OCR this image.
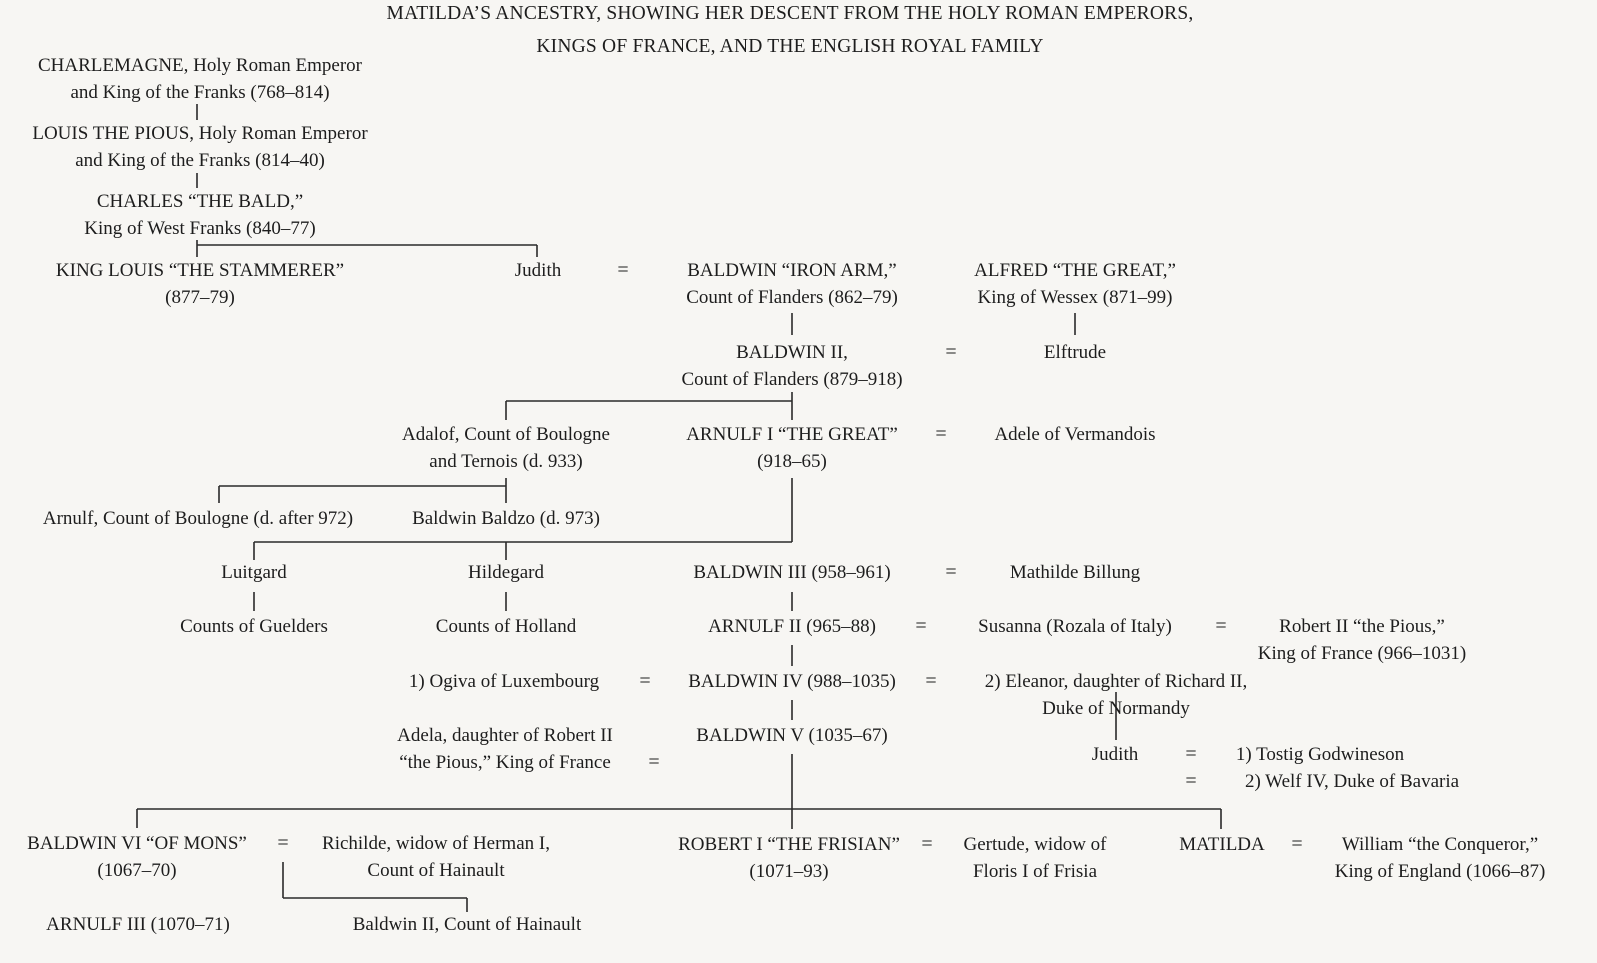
MATILDA’S ANCESTRY, SHOWING HER DESCENT FROM THE HOLY ROMAN EMPERORS,
KINGS OF FRANCE, AND THE ENGLISH ROYAL FAMILY
CHARLEMAGNE, Holy Roman Emperor
and King of the Franks (768–814)
LOUIS THE PIOUS, Holy Roman Emperor
and King of the Franks (814–40)
CHARLES “THE BALD,”
King of West Franks (840–77)
KING LOUIS “THE STAMMERER”
(877–79)
Judith	BALDWIN “IRON ARM,”
Count of Flanders (862–79)
ALFRED “THE GREAT,”
King of Wessex (871–99)
BALDWIN II,
Count of Flanders (879–918)
Elftrude
Adalof, Count of Boulogne
and Ternois (d. 933)
ARNULF I “THE GREAT”
(918–65)
Adele of Vermandois
Arnulf, Count of Boulogne (d. after 972)	Baldwin Baldzo (d. 973)
Luitgard	Hildegard	BALDWIN III (958–961)	Mathilde Billung
Counts of Guelders	Counts of Holland	ARNULF II (965–88)	Susanna (Rozala of Italy)	Robert II “the Pious,”
King of France (966–1031)
1) Ogiva of Luxembourg	BALDWIN IV (988–1035)	2) Eleanor, daughter of Richard II,
Duke of Normandy
Adela, daughter of Robert II
“the Pious,” King of France
BALDWIN V (1035–67)
Judith	1) Tostig Godwineson
2) Welf IV, Duke of Bavaria
BALDWIN VI “OF MONS”
(1067–70)
Richilde, widow of Herman I,
Count of Hainault
ROBERT I “THE FRISIAN”
(1071–93)
Gertude, widow of
Floris I of Frisia
MATILDA	William “the Conqueror,”
King of England (1066–87)
ARNULF III (1070–71)	Baldwin II, Count of Hainault
=
=
=
=
=	=
=	=
=	=
=
=	=	=
